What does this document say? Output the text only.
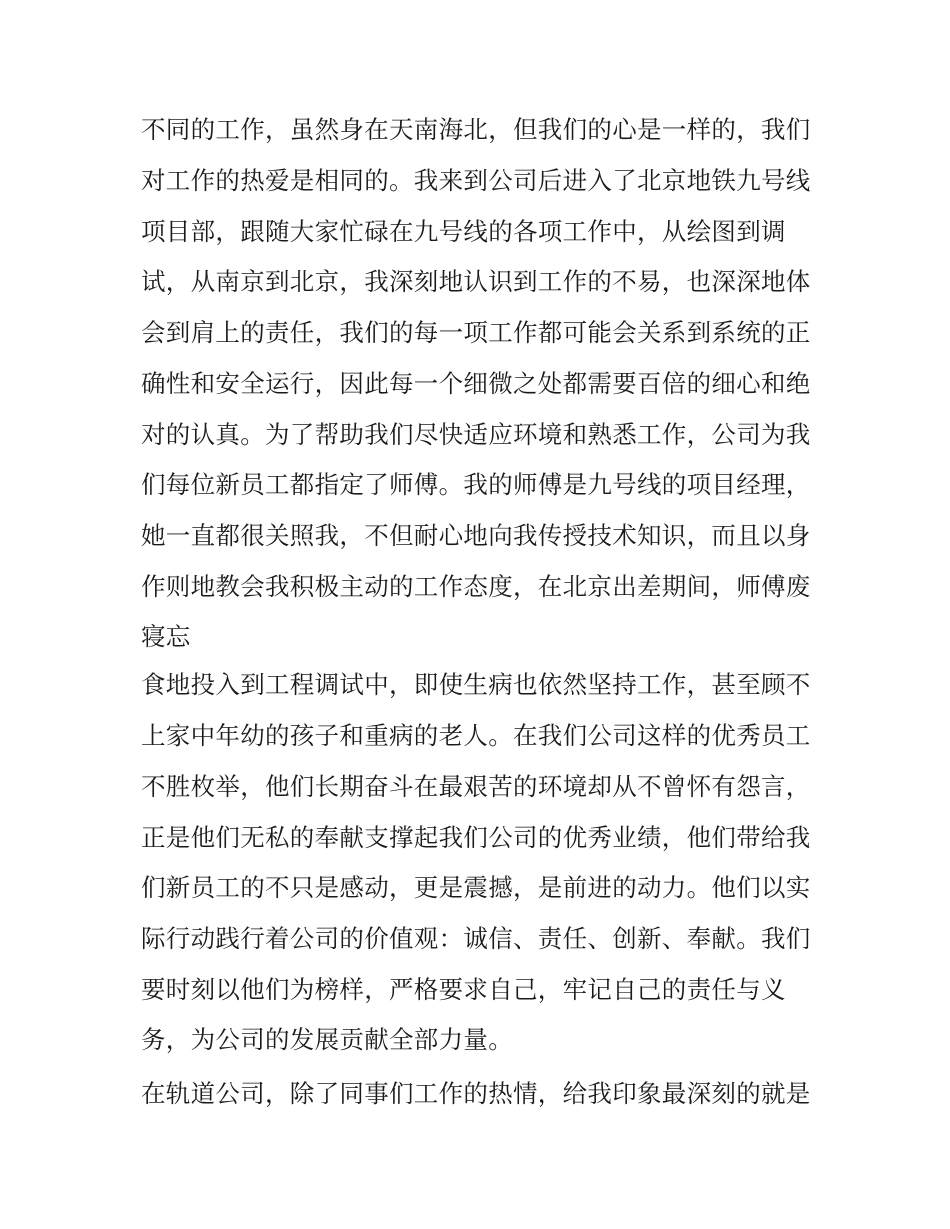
不同的工作，虽然身在天南海北，但我们的心是一样的，我们
对工作的热爱是相同的。我来到公司后进入了北京地铁九号线
项目部，跟随大家忙碌在九号线的各项工作中，从绘图到调
试，从南京到北京，我深刻地认识到工作的不易，也深深地体
会到肩上的责任，我们的每一项工作都可能会关系到系统的正
确性和安全运行，因此每一个细微之处都需要百倍的细心和绝
对的认真。为了帮助我们尽快适应环境和熟悉工作，公司为我
们每位新员工都指定了师傅。我的师傅是九号线的项目经理，
她一直都很关照我，不但耐心地向我传授技术知识，而且以身
作则地教会我积极主动的工作态度，在北京出差期间，师傅废
寝忘
食地投入到工程调试中，即使生病也依然坚持工作，甚至顾不
上家中年幼的孩子和重病的老人。在我们公司这样的优秀员工
不胜枚举，他们长期奋斗在最艰苦的环境却从不曾怀有怨言，
正是他们无私的奉献支撑起我们公司的优秀业绩，他们带给我
们新员工的不只是感动，更是震撼，是前进的动力。他们以实
际行动践行着公司的价值观：诚信、责任、创新、奉献。我们
要时刻以他们为榜样，严格要求自己，牢记自己的责任与义
务，为公司的发展贡献全部力量。
在轨道公司，除了同事们工作的热情，给我印象最深刻的就是
